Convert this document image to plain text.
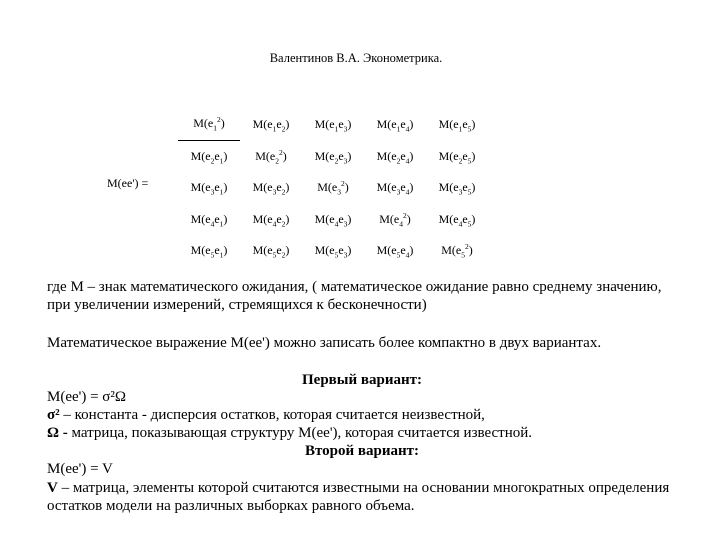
Валентинов В.А. Эконометрика.
M(ee') =
$M(e_1^2)$	$M(e_1e_2)$	$M(e_1e_3)$	$M(e_1e_4)$	$M(e_1e_5)$
$M(e_2e_1)$	$M(e_2^2)$	$M(e_2e_3)$	$M(e_2e_4)$	$M(e_2e_5)$
$M(e_3e_1)$	$M(e_3e_2)$	$M(e_3^2)$	$M(e_3e_4)$	$M(e_3e_5)$
$M(e_4e_1)$	$M(e_4e_2)$	$M(e_4e_3)$	$M(e_4^2)$	$M(e_4e_5)$
$M(e_5e_1)$	$M(e_5e_2)$	$M(e_5e_3)$	$M(e_5e_4)$	$M(e_5^2)$

где М – знак математического ожидания, ( математическое ожидание равно среднему значению, при увеличении измерений, стремящихся к бесконечности)

Математическое выражение M(ee') можно записать более компактно в двух вариантах.

Первый вариант:

M(ee') = σ²Ω

σ² – константа - дисперсия остатков, которая считается неизвестной,

Ω - матрица, показывающая структуру M(ee'), которая считается известной.

Второй вариант:

M(ee') = V

V – матрица, элементы которой считаются известными на основании многократных определения остатков модели на различных выборках равного объема.
